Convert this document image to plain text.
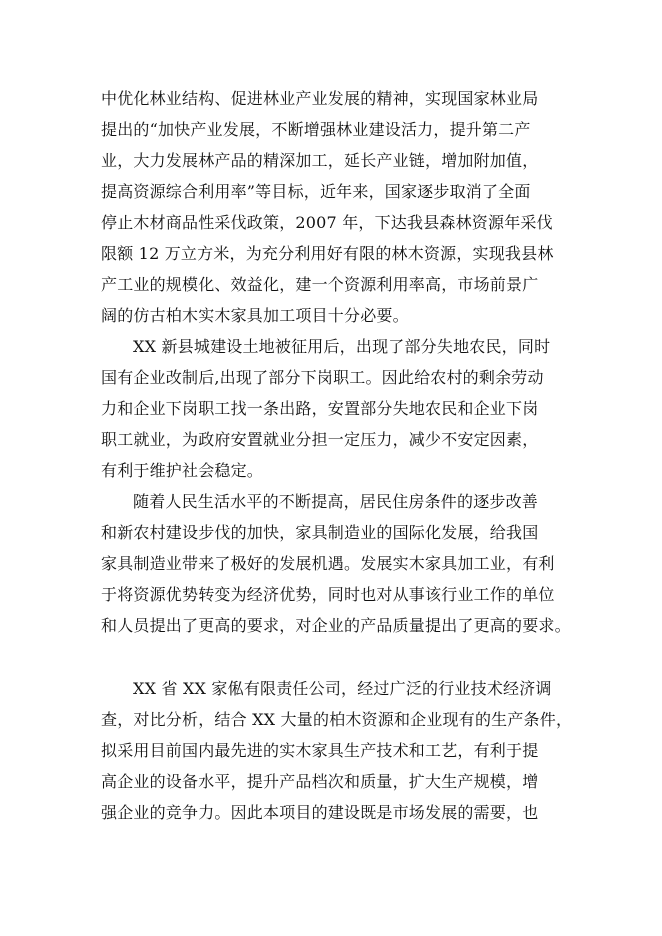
中优化林业结构、促进林业产业发展的精神，实现国家林业局
提出的“加快产业发展，不断增强林业建设活力，提升第二产
业，大力发展林产品的精深加工，延长产业链，增加附加值，
提高资源综合利用率”等目标，近年来，国家逐步取消了全面
停止木材商品性采伐政策，2007 年，下达我县森林资源年采伐
限额 12 万立方米，为充分利用好有限的林木资源，实现我县林
产工业的规模化、效益化，建一个资源利用率高，市场前景广
阔的仿古柏木实木家具加工项目十分必要。
XX 新县城建设土地被征用后，出现了部分失地农民，同时
国有企业改制后,出现了部分下岗职工。因此给农村的剩余劳动
力和企业下岗职工找一条出路，安置部分失地农民和企业下岗
职工就业，为政府安置就业分担一定压力，减少不安定因素，
有利于维护社会稳定。
随着人民生活水平的不断提高，居民住房条件的逐步改善
和新农村建设步伐的加快，家具制造业的国际化发展，给我国
家具制造业带来了极好的发展机遇。发展实木家具加工业，有利
于将资源优势转变为经济优势，同时也对从事该行业工作的单位
和人员提出了更高的要求，对企业的产品质量提出了更高的要求。
XX 省 XX 家俬有限责任公司，经过广泛的行业技术经济调
查，对比分析，结合 XX 大量的柏木资源和企业现有的生产条件，
拟采用目前国内最先进的实木家具生产技术和工艺，有利于提
高企业的设备水平，提升产品档次和质量，扩大生产规模，增
强企业的竞争力。因此本项目的建设既是市场发展的需要，也
